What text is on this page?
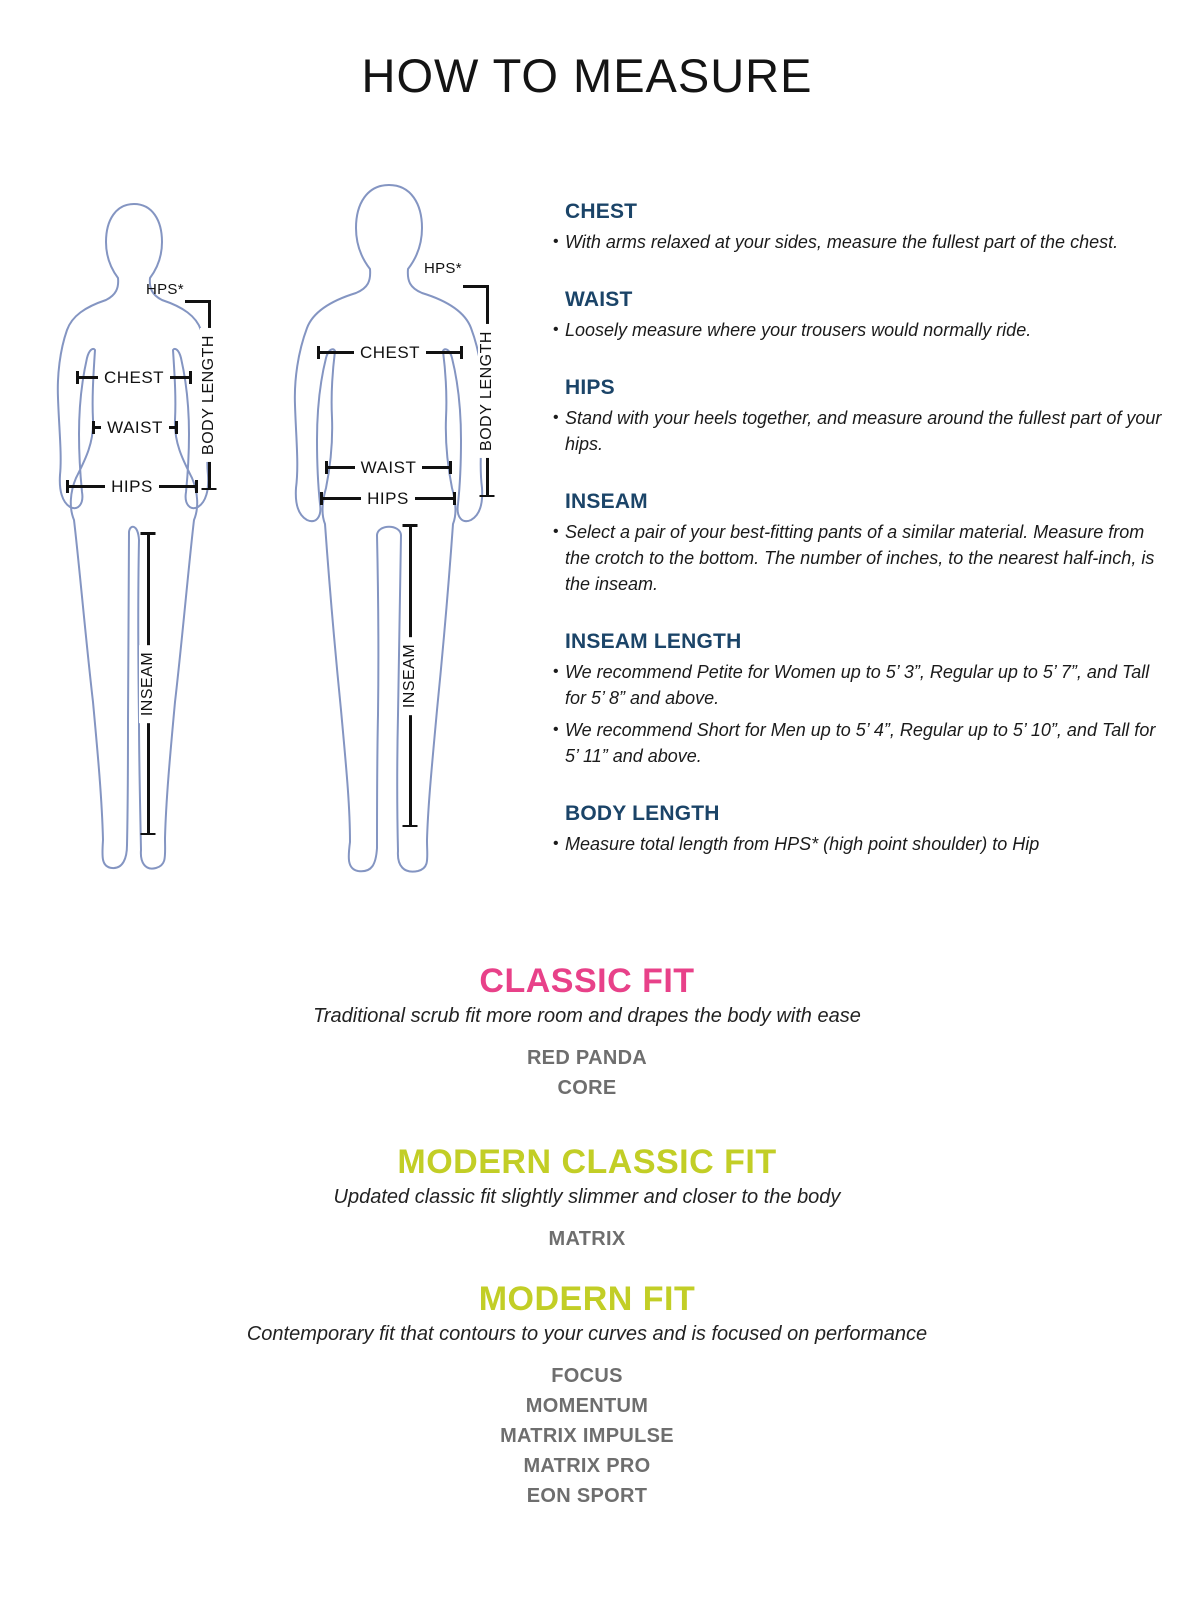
HOW TO MEASURE
HPS*
BODY LENGTH
CHEST
WAIST
HIPS
INSEAM
HPS*
BODY LENGTH
CHEST
WAIST
HIPS
INSEAM
CHEST
• With arms relaxed at your sides, measure the fullest part of the chest.
WAIST
• Loosely measure where your trousers would normally ride.
HIPS
• Stand with your heels together, and measure around the fullest part of your hips.
INSEAM
• Select a pair of your best-fitting pants of a similar material. Measure from the crotch to the bottom. The number of inches, to the nearest half-inch, is the inseam.
INSEAM LENGTH
• We recommend Petite for Women up to 5’ 3”, Regular up to 5’ 7”, and Tall for 5’ 8” and above.
• We recommend Short for Men up to 5’ 4”, Regular up to 5’ 10”, and Tall for 5’ 11” and above.
BODY LENGTH
• Measure total length from HPS* (high point shoulder) to Hip
CLASSIC FIT
Traditional scrub fit more room and drapes the body with ease
RED PANDA
CORE
MODERN CLASSIC FIT
Updated classic fit slightly slimmer and closer to the body
MATRIX
MODERN FIT
Contemporary fit that contours to your curves and is focused on performance
FOCUS
MOMENTUM
MATRIX IMPULSE
MATRIX PRO
EON SPORT
